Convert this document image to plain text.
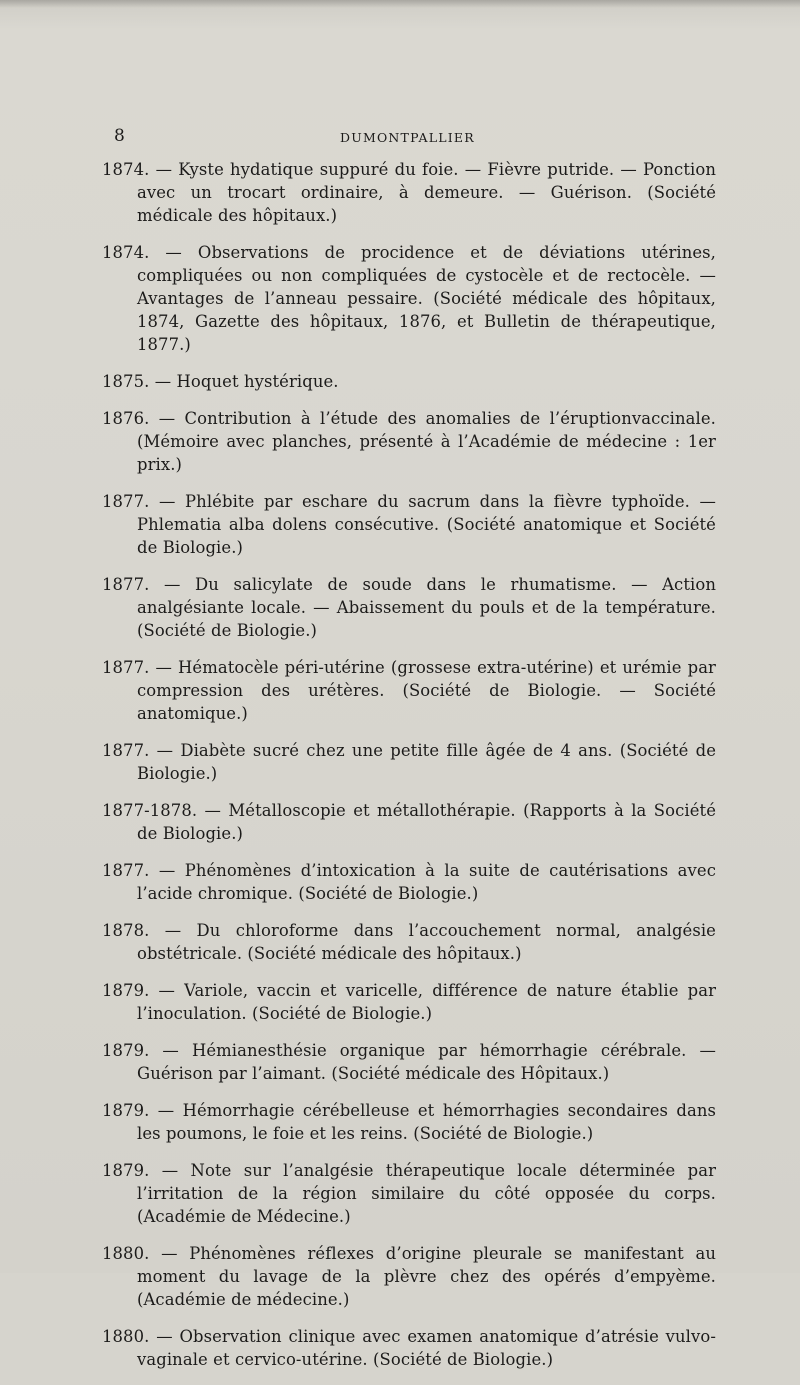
8	DUMONTPALLIER

1874. — Kyste hydatique suppuré du foie. — Fièvre putride. — Ponction avec un trocart ordinaire, à demeure. — Guérison. (Société médicale des hôpitaux.)

1874. — Observations de procidence et de déviations utérines, compliquées ou non compliquées de cystocèle et de rectocèle. — Avantages de l’anneau pessaire. (Société médicale des hôpitaux, 1874, Gazette des hôpitaux, 1876, et Bulletin de thérapeutique, 1877.)

1875. — Hoquet hystérique.

1876. — Contribution à l’étude des anomalies de l’éruptionvaccinale. (Mémoire avec planches, présenté à l’Académie de médecine : 1er prix.)

1877. — Phlébite par eschare du sacrum dans la fièvre typhoïde. — Phlematia alba dolens consécutive. (Société anatomique et Société de Biologie.)

1877. — Du salicylate de soude dans le rhumatisme. — Action analgésiante locale. — Abaissement du pouls et de la température. (Société de Biologie.)

1877. — Hématocèle péri-utérine (grossese extra-utérine) et urémie par compression des urétères. (Société de Biologie. — Société anatomique.)

1877. — Diabète sucré chez une petite fille âgée de 4 ans. (Société de Biologie.)

1877-1878. — Métalloscopie et métallothérapie. (Rapports à la Société de Biologie.)

1877. — Phénomènes d’intoxication à la suite de cautérisations avec l’acide chromique. (Société de Biologie.)

1878. — Du chloroforme dans l’accouchement normal, analgésie obstétricale. (Société médicale des hôpitaux.)

1879. — Variole, vaccin et varicelle, différence de nature établie par l’inoculation. (Société de Biologie.)

1879. — Hémianesthésie organique par hémorrhagie cérébrale. — Guérison par l’aimant. (Société médicale des Hôpitaux.)

1879. — Hémorrhagie cérébelleuse et hémorrhagies secondaires dans les poumons, le foie et les reins. (Société de Biologie.)

1879. — Note sur l’analgésie thérapeutique locale déterminée par l’irritation de la région similaire du côté opposée du corps. (Académie de Médecine.)

1880. — Phénomènes réflexes d’origine pleurale se manifestant au moment du lavage de la plèvre chez des opérés d’empyème. (Académie de médecine.)

1880. — Observation clinique avec examen anatomique d’atrésie vulvo-vaginale et cervico-utérine. (Société de Biologie.)
